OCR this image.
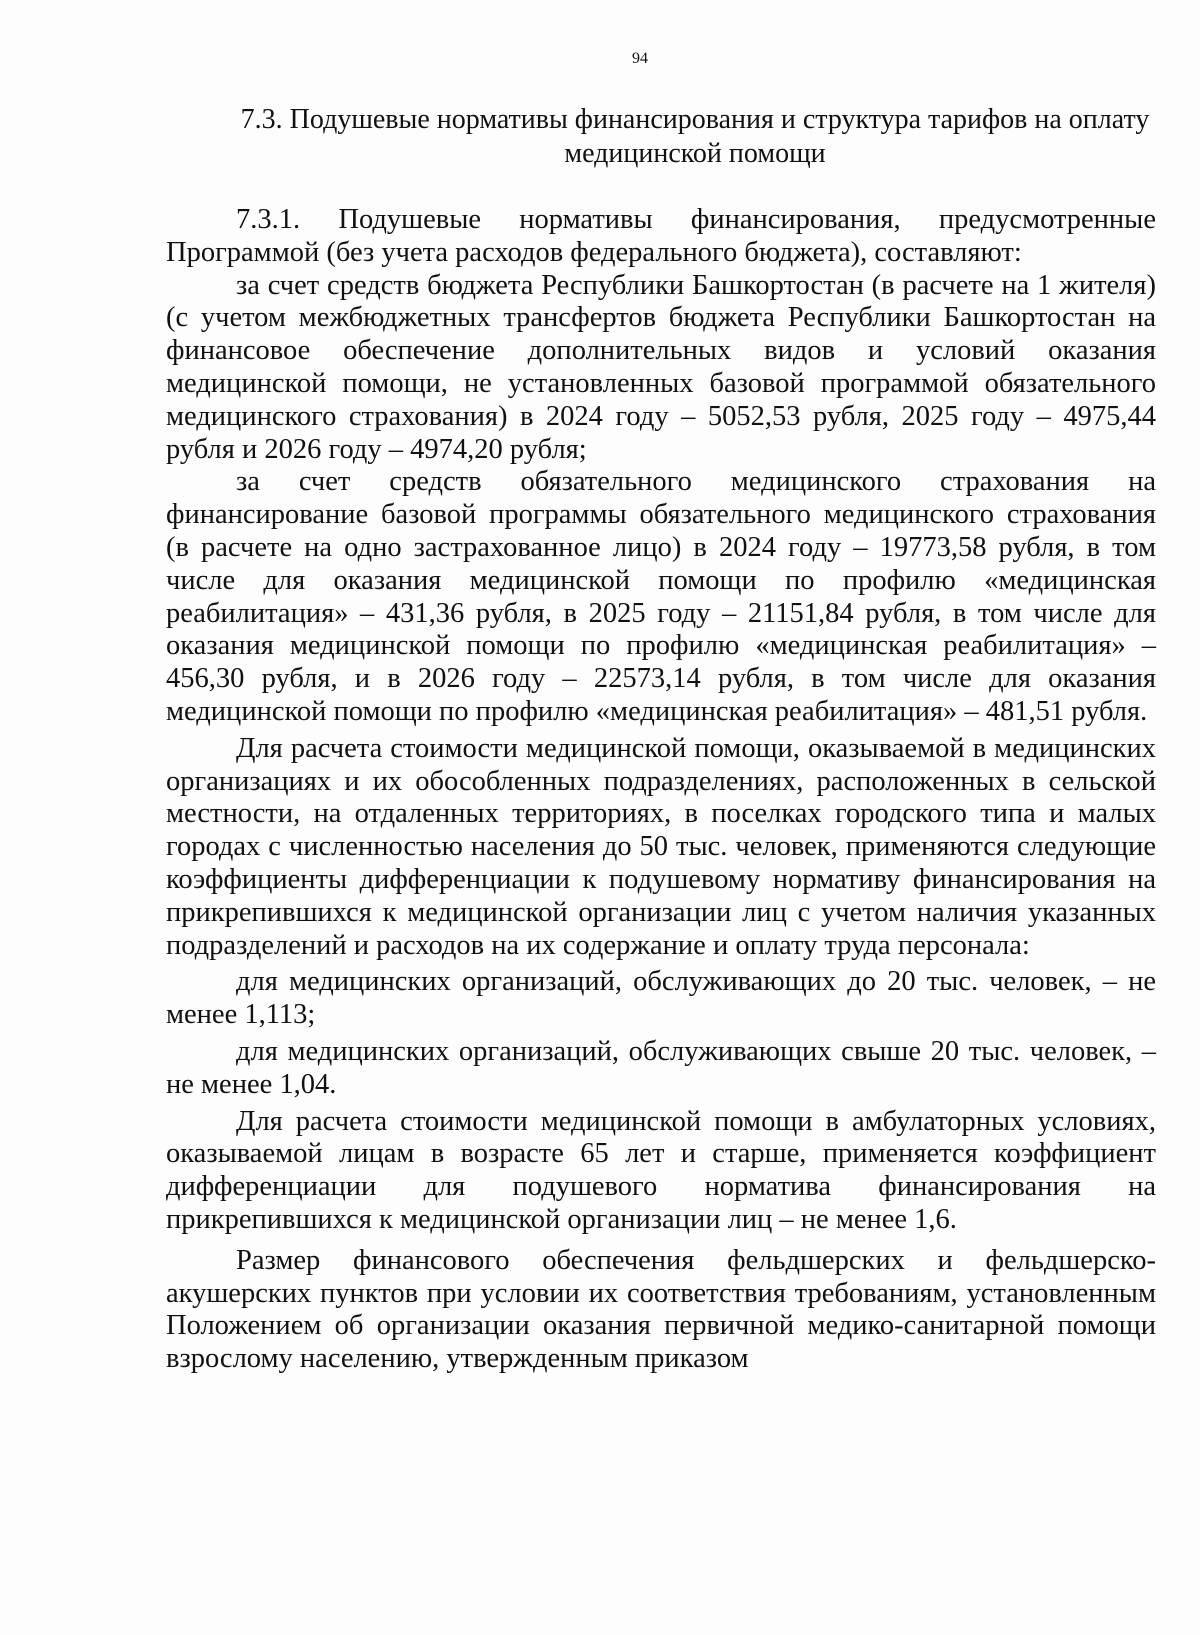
94
7.3. Подушевые нормативы финансирования и структура тарифов на оплату медицинской помощи

7.3.1. Подушевые нормативы финансирования, предусмотренные Программой (без учета расходов федерального бюджета), составляют:

за счет средств бюджета Республики Башкортостан (в расчете на 1 жителя) (с учетом межбюджетных трансфертов бюджета Республики Башкортостан на финансовое обеспечение дополнительных видов и условий оказания медицинской помощи, не установленных базовой программой обязательного медицинского страхования) в 2024 году – 5052,53 рубля, 2025 году – 4975,44 рубля и 2026 году – 4974,20 рубля;

за счет средств обязательного медицинского страхования на финансирование базовой программы обязательного медицинского страхования (в расчете на одно застрахованное лицо) в 2024 году – 19773,58 рубля, в том числе для оказания медицинской помощи по профилю «медицинская реабилитация» – 431,36 рубля, в 2025 году – 21151,84 рубля, в том числе для оказания медицинской помощи по профилю «медицинская реабилитация» – 456,30 рубля, и в 2026 году – 22573,14 рубля, в том числе для оказания медицинской помощи по профилю «медицинская реабилитация» – 481,51 рубля.

Для расчета стоимости медицинской помощи, оказываемой в медицинских организациях и их обособленных подразделениях, расположенных в сельской местности, на отдаленных территориях, в поселках городского типа и малых городах с численностью населения до 50 тыс. человек, применяются следующие коэффициенты дифференциации к подушевому нормативу финансирования на прикрепившихся к медицинской организации лиц с учетом наличия указанных подразделений и расходов на их содержание и оплату труда персонала:

для медицинских организаций, обслуживающих до 20 тыс. человек, – не менее 1,113;

для медицинских организаций, обслуживающих свыше 20 тыс. человек, – не менее 1,04.

Для расчета стоимости медицинской помощи в амбулаторных условиях, оказываемой лицам в возрасте 65 лет и старше, применяется коэффициент дифференциации для подушевого норматива финансирования на прикрепившихся к медицинской организации лиц – не менее 1,6.

Размер финансового обеспечения фельдшерских и фельдшерско-акушерских пунктов при условии их соответствия требованиям, установленным Положением об организации оказания первичной медико-санитарной помощи взрослому населению, утвержденным приказом
